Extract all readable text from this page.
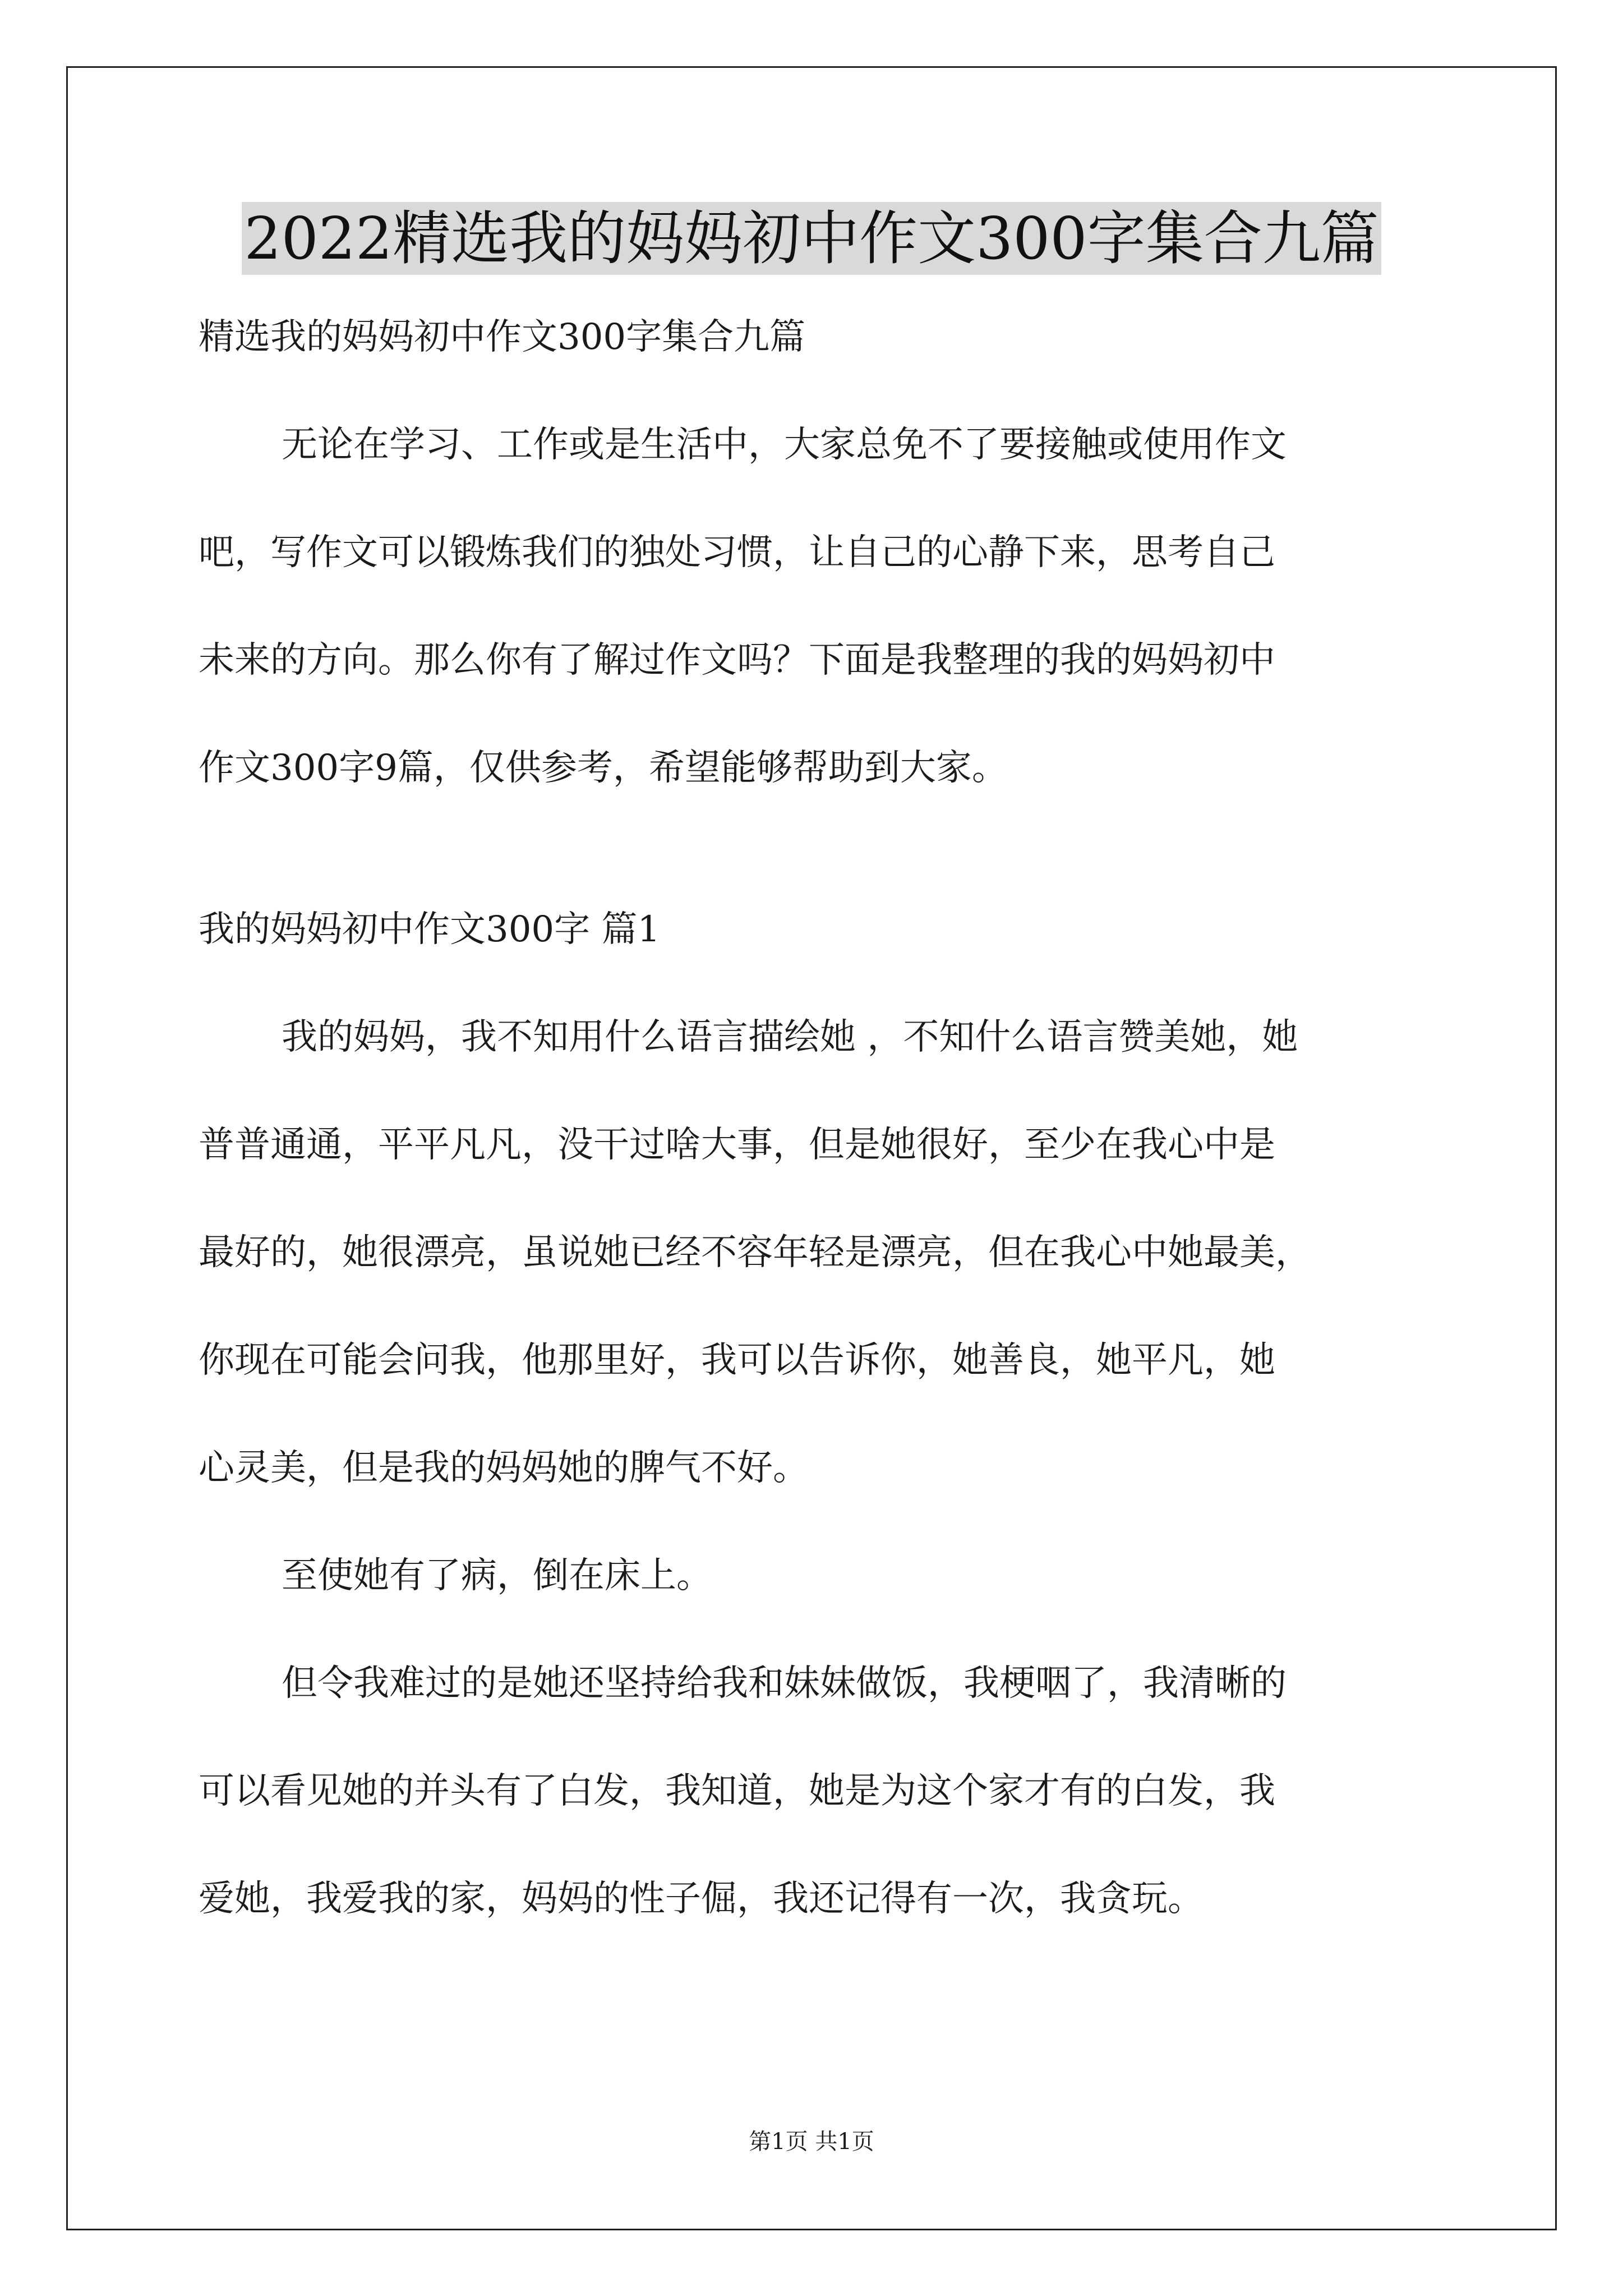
2022精选我的妈妈初中作文300字集合九篇
精选我的妈妈初中作文300字集合九篇
无论在学习、工作或是生活中，大家总免不了要接触或使用作文
吧，写作文可以锻炼我们的独处习惯，让自己的心静下来，思考自己
未来的方向。那么你有了解过作文吗？下面是我整理的我的妈妈初中
作文300字9篇，仅供参考，希望能够帮助到大家。
我的妈妈初中作文300字 篇1
我的妈妈，我不知用什么语言描绘她 ，不知什么语言赞美她，她
普普通通，平平凡凡，没干过啥大事，但是她很好，至少在我心中是
最好的，她很漂亮，虽说她已经不容年轻是漂亮，但在我心中她最美，
你现在可能会问我，他那里好，我可以告诉你，她善良，她平凡，她
心灵美，但是我的妈妈她的脾气不好。
至使她有了病，倒在床上。
但令我难过的是她还坚持给我和妹妹做饭，我梗咽了，我清晰的
可以看见她的并头有了白发，我知道，她是为这个家才有的白发，我
爱她，我爱我的家，妈妈的性子倔，我还记得有一次，我贪玩。
第1页 共1页
